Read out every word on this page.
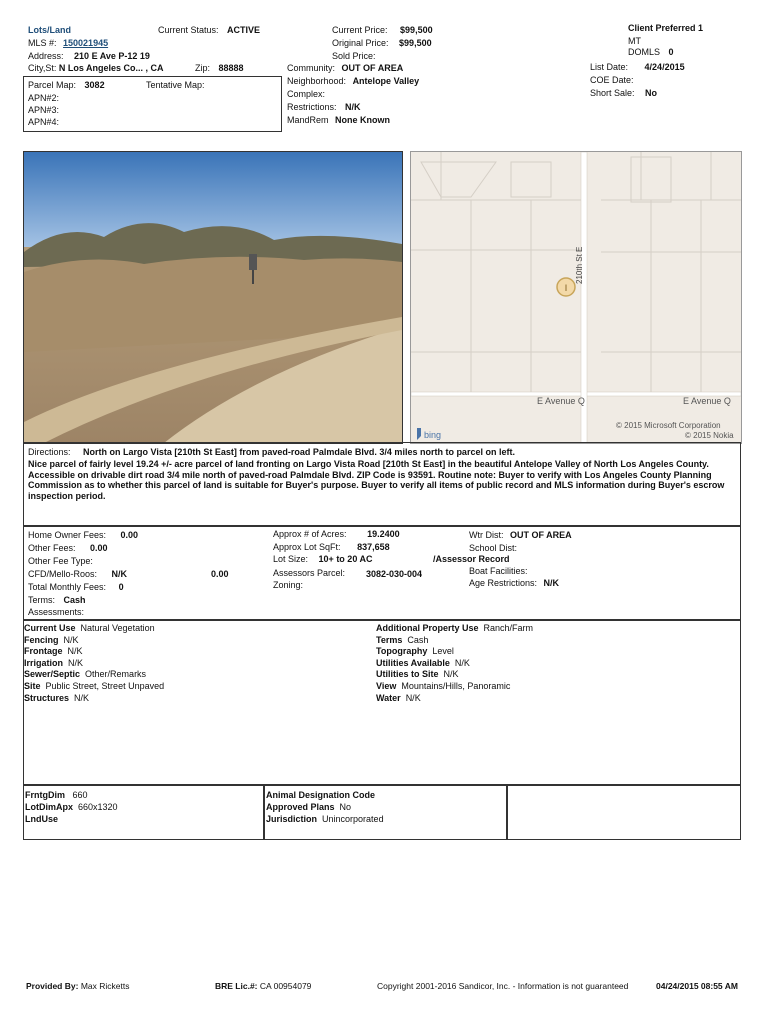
Lots/Land
MLS #: 150021945
Address: 210 E Ave P-12 19
City,St: N Los Angeles Co... , CA	Zip: 88888
Current Status: ACTIVE	Current Price: $99,500
Original Price: $99,500
Sold Price:
Community: OUT OF AREA
Neighborhood: Antelope Valley
Complex:
Restrictions: N/K
MandRem None Known
Client Preferred 1
MT
DOMLS 0
List Date: 4/24/2015
COE Date:
Short Sale: No
Parcel Map: 3082	Tentative Map:
APN#2:
APN#3:
APN#4:
I
210th St E
E Avenue Q	E Avenue Q
© 2015 Microsoft Corporation
© 2015 Nokia
bing
Directions: North on Largo Vista [210th St East] from paved-road Palmdale Blvd. 3/4 miles north to parcel on left.
Nice parcel of fairly level 19.24 +/- acre parcel of land fronting on Largo Vista Road [210th St East] in the beautiful Antelope Valley of North Los Angeles County. Accessible on drivable dirt road 3/4 mile north of paved-road Palmdale Blvd. ZIP Code is 93591. Routine note: Buyer to verify with Los Angeles County Planning Commission as to whether this parcel of land is suitable for Buyer's purpose. Buyer to verify all items of public record and MLS information during Buyer's escrow inspection period.
Home Owner Fees: 0.00
Other Fees: 0.00
Other Fee Type:
CFD/Mello-Roos: N/K	0.00
Total Monthly Fees: 0
Terms: Cash
Assessments:
Approx # of Acres: 19.2400
Approx Lot SqFt: 837,658
Lot Size: 10+ to 20 AC	/Assessor Record
Assessors Parcel: 3082-030-004
Zoning:
Wtr Dist: OUT OF AREA
School Dist:
Boat Facilities:
Age Restrictions: N/K
Current Use Natural Vegetation
Fencing N/K
Frontage N/K
Irrigation N/K
Sewer/Septic Other/Remarks
Site Public Street, Street Unpaved
Structures N/K
Additional Property Use Ranch/Farm
Terms Cash
Topography Level
Utilities Available N/K
Utilities to Site N/K
View Mountains/Hills, Panoramic
Water N/K
FrntgDim 660
LotDimApx 660x1320
LndUse
Animal Designation Code
Approved Plans No
Jurisdiction Unincorporated
Provided By: Max Ricketts	BRE Lic.#: CA 00954079	Copyright 2001-2016 Sandicor, Inc. - Information is not guaranteed	04/24/2015 08:55 AM
